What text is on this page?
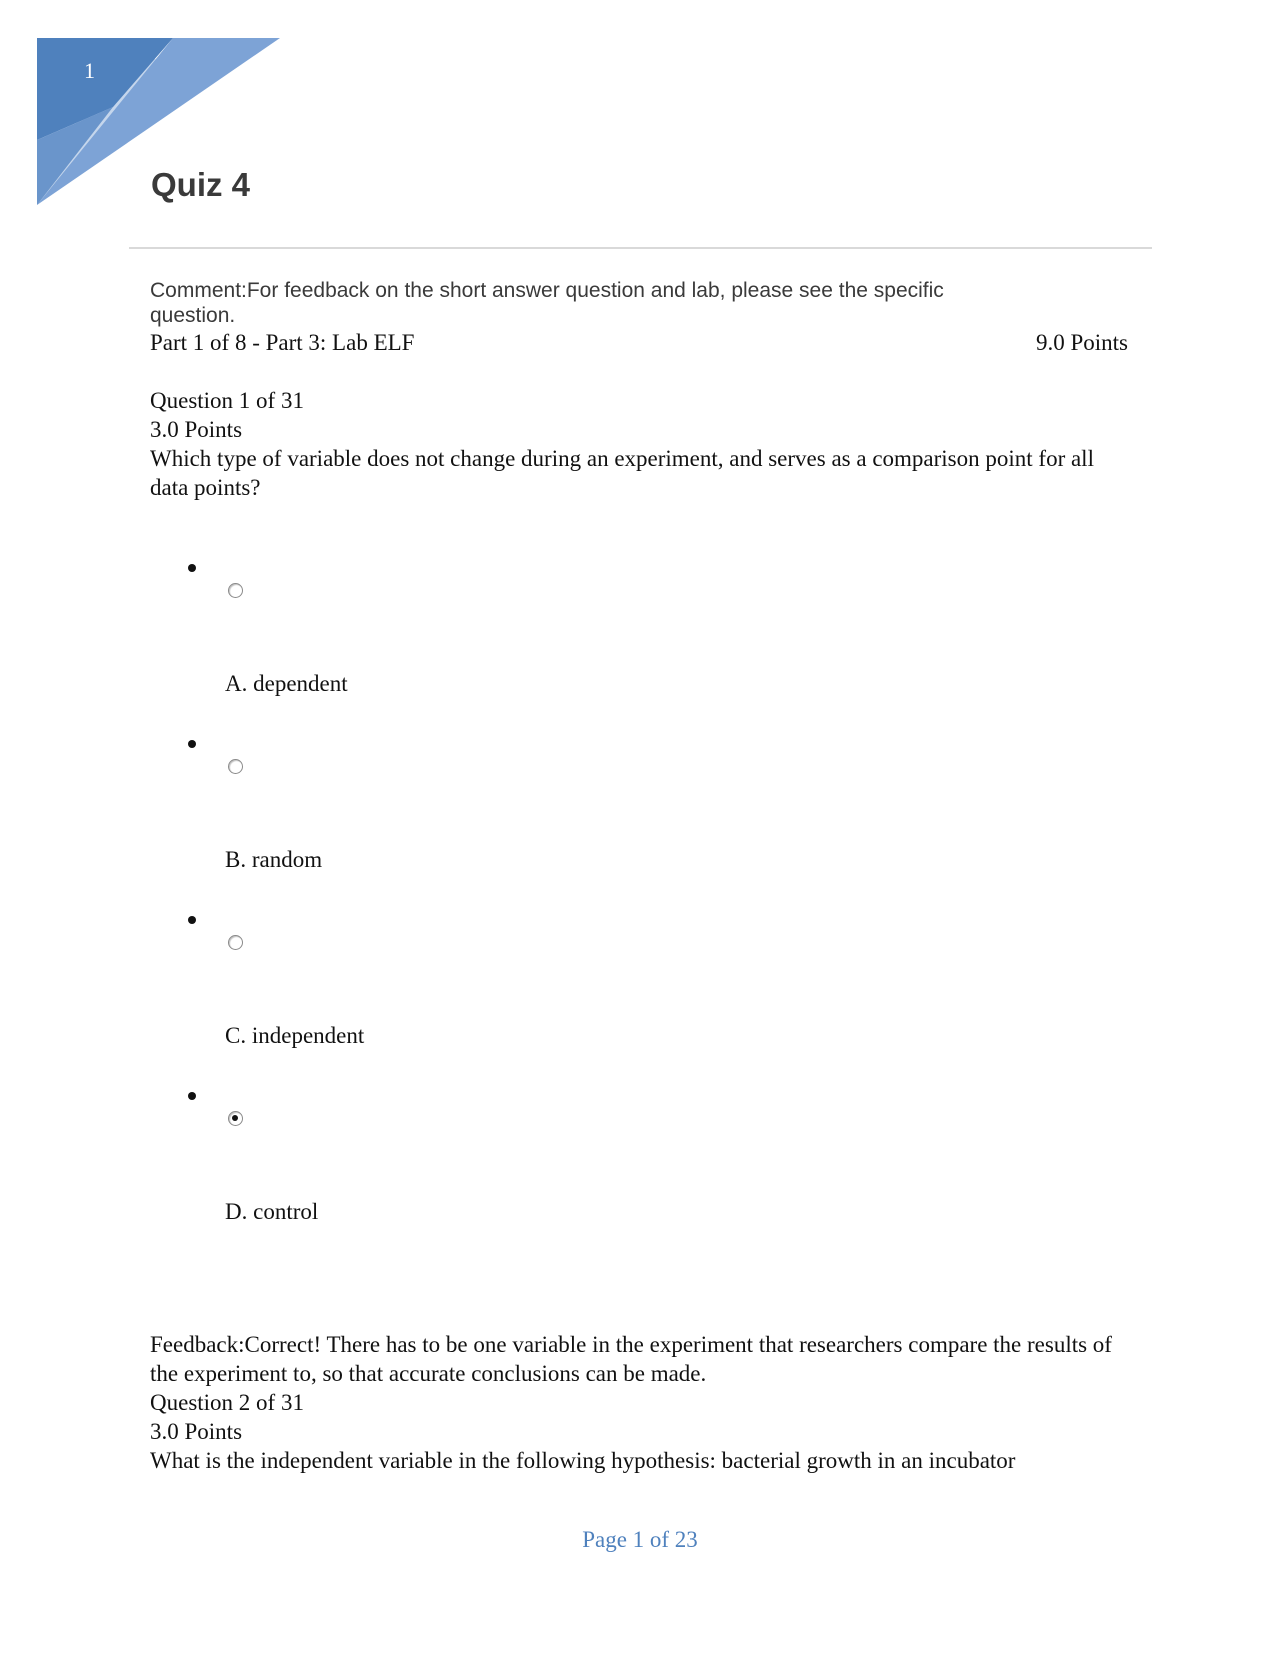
1
Quiz 4
Comment:For feedback on the short answer question and lab, please see the specific question.
Part 1 of 8 - Part 3: Lab ELF	9.0 Points
Question 1 of 31
3.0 Points
Which type of variable does not change during an experiment, and serves as a comparison point for all data points?
A. dependent
B. random
C. independent
D. control
Feedback:Correct! There has to be one variable in the experiment that researchers compare the results of the experiment to, so that accurate conclusions can be made.
Question 2 of 31
3.0 Points
What is the independent variable in the following hypothesis: bacterial growth in an incubator
Page 1 of 23
